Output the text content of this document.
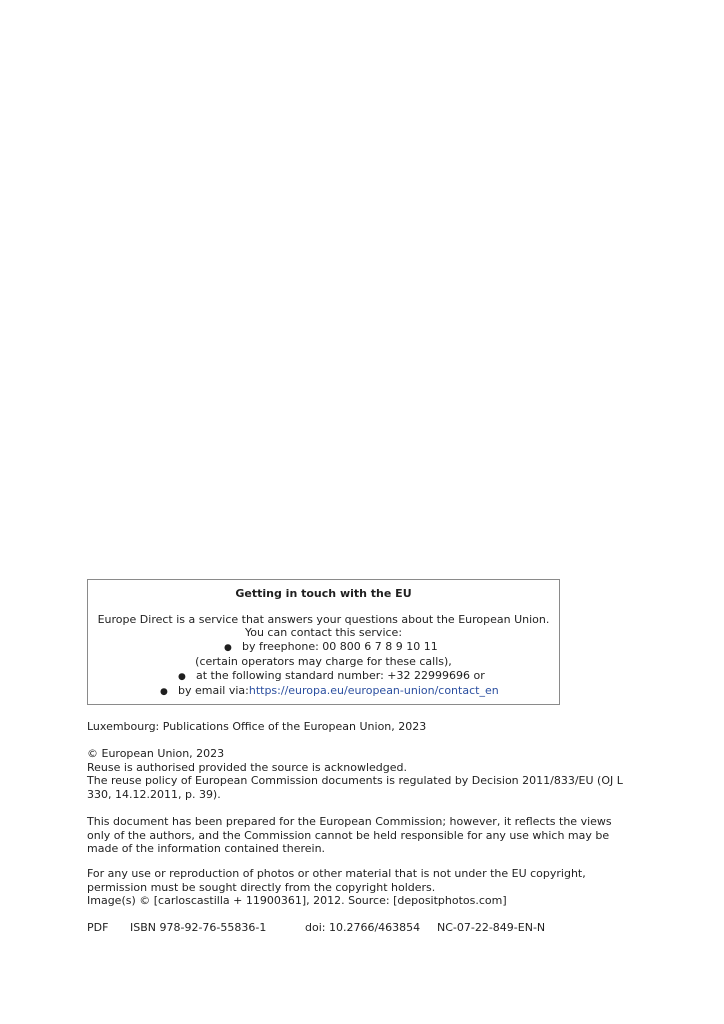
Getting in touch with the EU
Europe Direct is a service that answers your questions about the European Union.
You can contact this service:
● by freephone: 00 800 6 7 8 9 10 11
(certain operators may charge for these calls),
● at the following standard number: +32 22999696 or
● by email via:https://europa.eu/european-union/contact_en
Luxembourg: Publications Office of the European Union, 2023
© European Union, 2023
Reuse is authorised provided the source is acknowledged.
The reuse policy of European Commission documents is regulated by Decision 2011/833/EU (OJ L
330, 14.12.2011, p. 39).
This document has been prepared for the European Commission; however, it reflects the views
only of the authors, and the Commission cannot be held responsible for any use which may be
made of the information contained therein.
For any use or reproduction of photos or other material that is not under the EU copyright,
permission must be sought directly from the copyright holders.
Image(s) © [carloscastilla + 11900361], 2012. Source: [depositphotos.com]
PDF ISBN 978-92-76-55836-1	doi: 10.2766/463854 NC-07-22-849-EN-N
